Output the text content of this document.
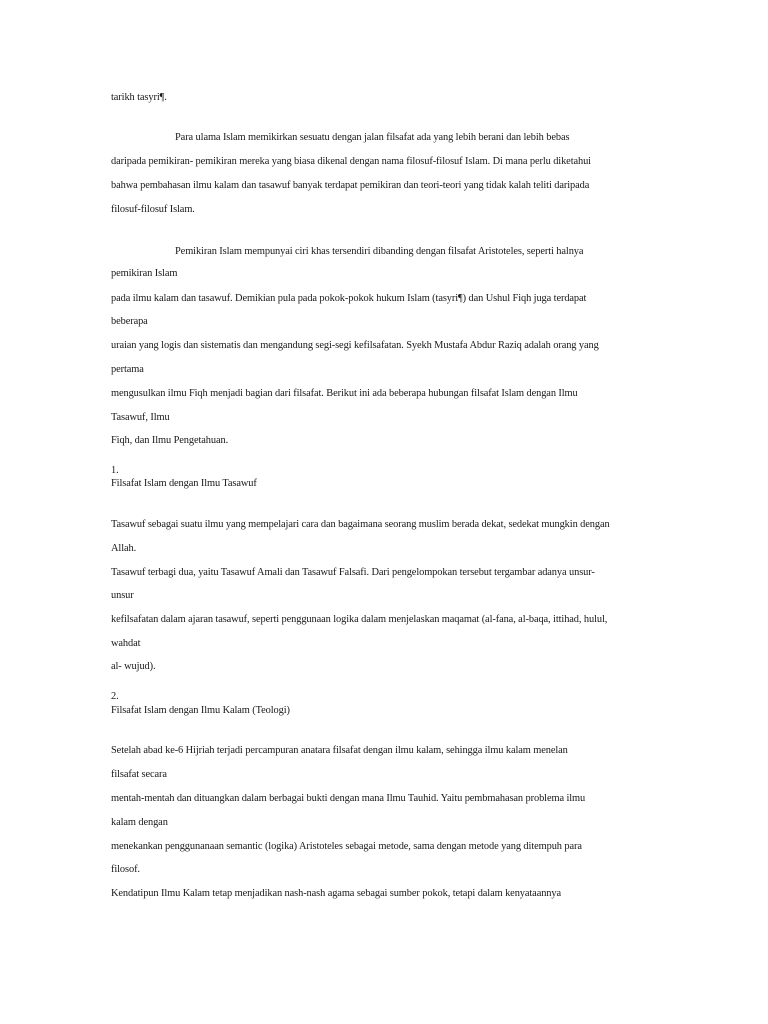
tarikh tasyri¶.
Para ulama Islam memikirkan sesuatu dengan jalan filsafat ada yang lebih berani dan lebih bebas
daripada pemikiran- pemikiran mereka yang biasa dikenal dengan nama filosuf-filosuf Islam. Di mana perlu diketahui
bahwa pembahasan ilmu kalam dan tasawuf banyak terdapat pemikiran dan teori-teori yang tidak kalah teliti daripada
filosuf-filosuf Islam.
Pemikiran Islam mempunyai ciri khas tersendiri dibanding dengan filsafat Aristoteles, seperti halnya
pemikiran Islam
pada ilmu kalam dan tasawuf. Demikian pula pada pokok-pokok hukum Islam (tasyri¶) dan Ushul Fiqh juga terdapat
beberapa
uraian yang logis dan sistematis dan mengandung segi-segi kefilsafatan. Syekh Mustafa Abdur Raziq adalah orang yang
pertama
mengusulkan ilmu Fiqh menjadi bagian dari filsafat. Berikut ini ada beberapa hubungan filsafat Islam dengan Ilmu
Tasawuf, Ilmu
Fiqh, dan Ilmu Pengetahuan.
1.
Filsafat Islam dengan Ilmu Tasawuf
Tasawuf sebagai suatu ilmu yang mempelajari cara dan bagaimana seorang muslim berada dekat, sedekat mungkin dengan
Allah.
Tasawuf terbagi dua, yaitu Tasawuf Amali dan Tasawuf Falsafi. Dari pengelompokan tersebut tergambar adanya unsur-
unsur
kefilsafatan dalam ajaran tasawuf, seperti penggunaan logika dalam menjelaskan maqamat (al-fana, al-baqa, ittihad, hulul,
wahdat
al- wujud).
2.
Filsafat Islam dengan Ilmu Kalam (Teologi)
Setelah abad ke-6 Hijriah terjadi percampuran anatara filsafat dengan ilmu kalam, sehingga ilmu kalam menelan
filsafat secara
mentah-mentah dan dituangkan dalam berbagai bukti dengan mana Ilmu Tauhid. Yaitu pembmahasan problema ilmu
kalam dengan
menekankan penggunanaan semantic (logika) Aristoteles sebagai metode, sama dengan metode yang ditempuh para
filosof.
Kendatipun Ilmu Kalam tetap menjadikan nash-nash agama sebagai sumber pokok, tetapi dalam kenyataannya
